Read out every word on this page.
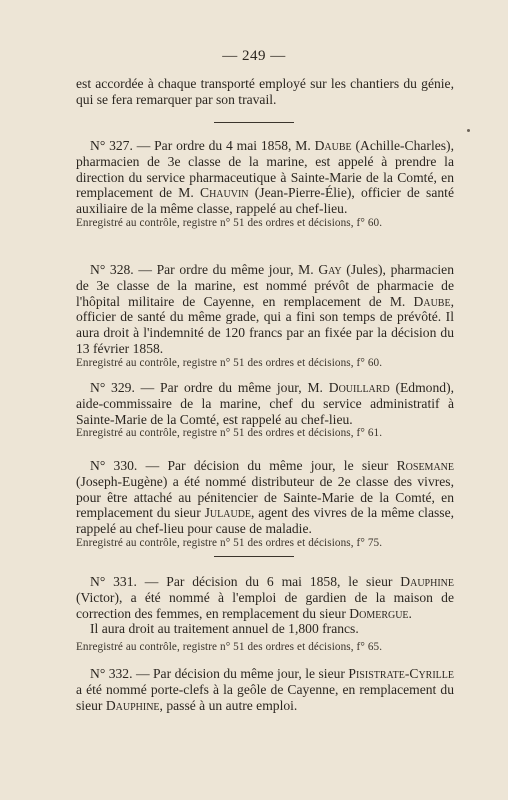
— 249 —

est accordée à chaque transporté employé sur les chantiers du génie, qui se fera remarquer par son travail.

N° 327. — Par ordre du 4 mai 1858, M. Daube (Achille-Charles), pharmacien de 3e classe de la marine, est appelé à prendre la direction du service pharmaceutique à Sainte-Marie de la Comté, en remplacement de M. Chauvin (Jean-Pierre-Élie), officier de santé auxiliaire de la même classe, rappelé au chef-lieu.

Enregistré au contrôle, registre n° 51 des ordres et décisions, f° 60.

N° 328. — Par ordre du même jour, M. Gay (Jules), pharmacien de 3e classe de la marine, est nommé prévôt de pharmacie de l'hôpital militaire de Cayenne, en remplacement de M. Daube, officier de santé du même grade, qui a fini son temps de prévôté. Il aura droit à l'indemnité de 120 francs par an fixée par la décision du 13 février 1858.

Enregistré au contrôle, registre n° 51 des ordres et décisions, f° 60.

N° 329. — Par ordre du même jour, M. Douillard (Edmond), aide-commissaire de la marine, chef du service administratif à Sainte-Marie de la Comté, est rappelé au chef-lieu.

Enregistré au contrôle, registre n° 51 des ordres et décisions, f° 61.

N° 330. — Par décision du même jour, le sieur Rosemane (Joseph-Eugène) a été nommé distributeur de 2e classe des vivres, pour être attaché au pénitencier de Sainte-Marie de la Comté, en remplacement du sieur Julaude, agent des vivres de la même classe, rappelé au chef-lieu pour cause de maladie.

Enregistré au contrôle, registre n° 51 des ordres et décisions, f° 75.

N° 331. — Par décision du 6 mai 1858, le sieur Dauphine (Victor), a été nommé à l'emploi de gardien de la maison de correction des femmes, en remplacement du sieur Domergue.

Il aura droit au traitement annuel de 1,800 francs.

Enregistré au contrôle, registre n° 51 des ordres et décisions, f° 65.

N° 332. — Par décision du même jour, le sieur Pisistrate-Cyrille a été nommé porte-clefs à la geôle de Cayenne, en remplacement du sieur Dauphine, passé à un autre emploi.
